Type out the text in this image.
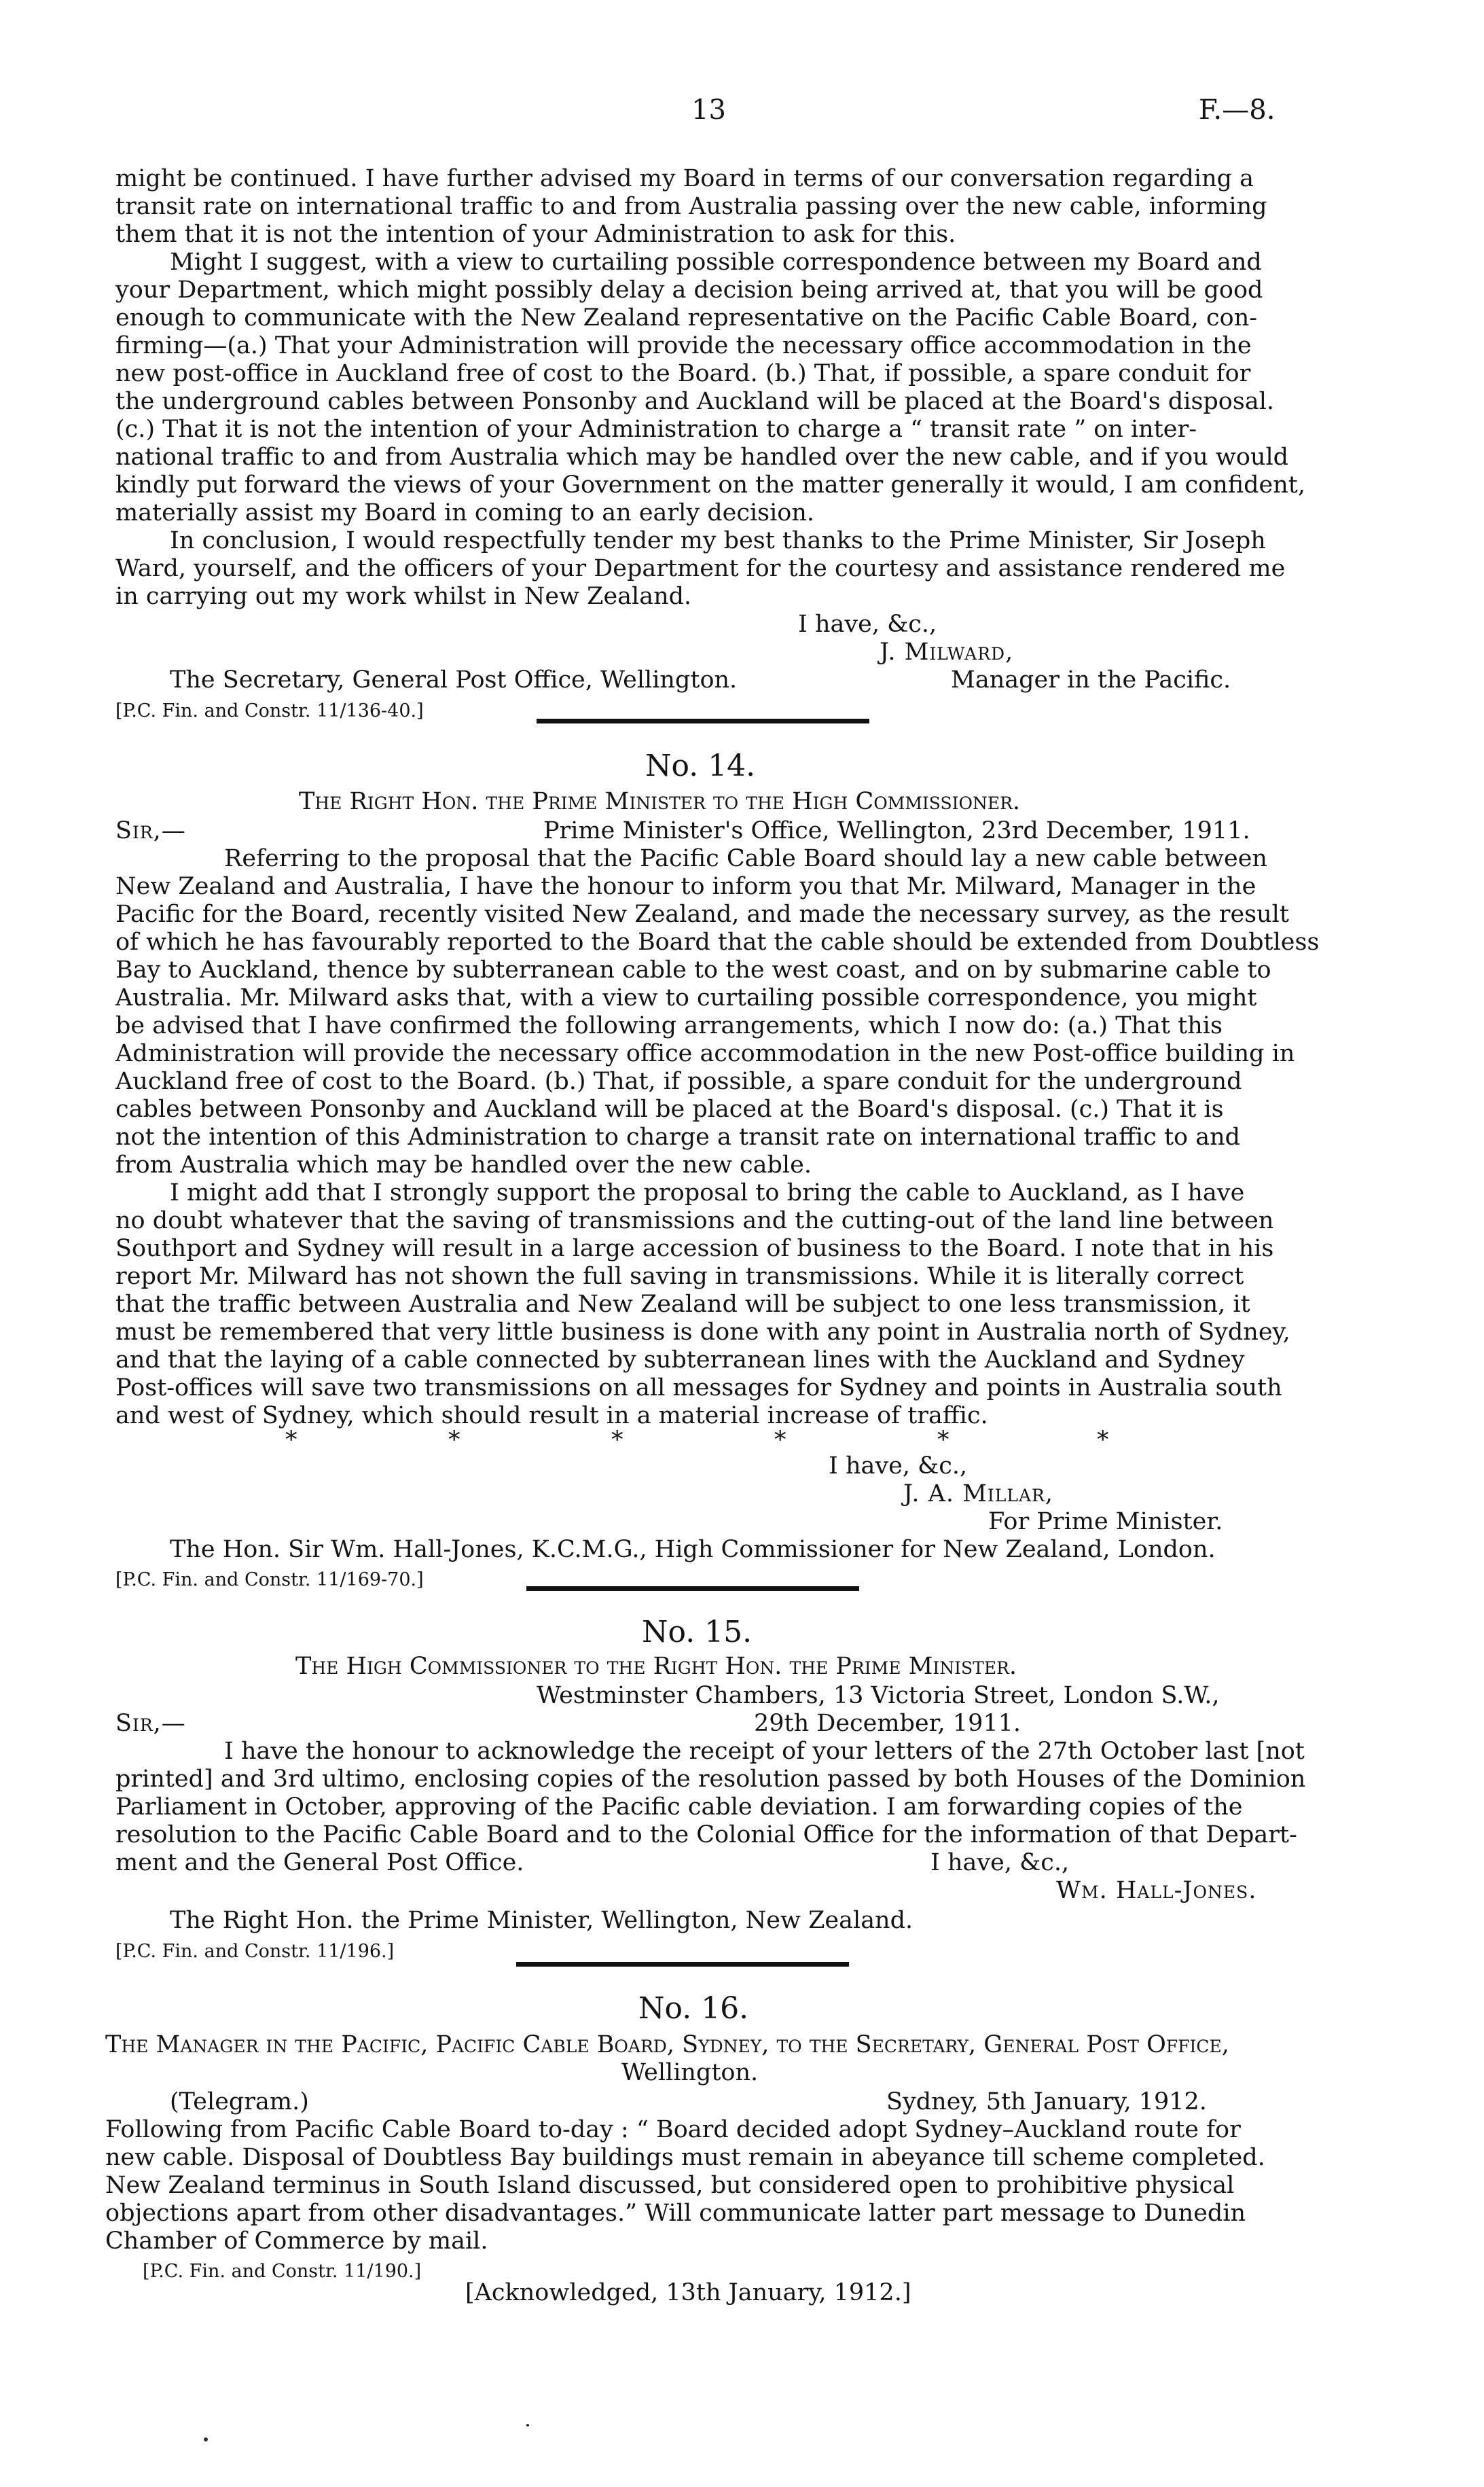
13	F.—8.

might be continued. I have further advised my Board in terms of our conversation regarding a

transit rate on international traffic to and from Australia passing over the new cable, informing

them that it is not the intention of your Administration to ask for this.

Might I suggest, with a view to curtailing possible correspondence between my Board and

your Department, which might possibly delay a decision being arrived at, that you will be good

enough to communicate with the New Zealand representative on the Pacific Cable Board, con-

firming—(a.) That your Administration will provide the necessary office accommodation in the

new post-office in Auckland free of cost to the Board. (b.) That, if possible, a spare conduit for

the underground cables between Ponsonby and Auckland will be placed at the Board's disposal.

(c.) That it is not the intention of your Administration to charge a “ transit rate ” on inter-

national traffic to and from Australia which may be handled over the new cable, and if you would

kindly put forward the views of your Government on the matter generally it would, I am confident,

materially assist my Board in coming to an early decision.

In conclusion, I would respectfully tender my best thanks to the Prime Minister, Sir Joseph

Ward, yourself, and the officers of your Department for the courtesy and assistance rendered me

in carrying out my work whilst in New Zealand.

I have, &c.,

J. Milward,

The Secretary, General Post Office, Wellington.	Manager in the Pacific.

[P.C. Fin. and Constr. 11/136-40.]

No. 14.

The Right Hon. the Prime Minister to the High Commissioner.

Sir,—	Prime Minister's Office, Wellington, 23rd December, 1911.

Referring to the proposal that the Pacific Cable Board should lay a new cable between

New Zealand and Australia, I have the honour to inform you that Mr. Milward, Manager in the

Pacific for the Board, recently visited New Zealand, and made the necessary survey, as the result

of which he has favourably reported to the Board that the cable should be extended from Doubtless

Bay to Auckland, thence by subterranean cable to the west coast, and on by submarine cable to

Australia. Mr. Milward asks that, with a view to curtailing possible correspondence, you might

be advised that I have confirmed the following arrangements, which I now do: (a.) That this

Administration will provide the necessary office accommodation in the new Post-office building in

Auckland free of cost to the Board. (b.) That, if possible, a spare conduit for the underground

cables between Ponsonby and Auckland will be placed at the Board's disposal. (c.) That it is

not the intention of this Administration to charge a transit rate on international traffic to and

from Australia which may be handled over the new cable.

I might add that I strongly support the proposal to bring the cable to Auckland, as I have

no doubt whatever that the saving of transmissions and the cutting-out of the land line between

Southport and Sydney will result in a large accession of business to the Board. I note that in his

report Mr. Milward has not shown the full saving in transmissions. While it is literally correct

that the traffic between Australia and New Zealand will be subject to one less transmission, it

must be remembered that very little business is done with any point in Australia north of Sydney,

and that the laying of a cable connected by subterranean lines with the Auckland and Sydney

Post-offices will save two transmissions on all messages for Sydney and points in Australia south

and west of Sydney, which should result in a material increase of traffic.

*	*	*	*	*	*

I have, &c.,

J. A. Millar,

For Prime Minister.

The Hon. Sir Wm. Hall-Jones, K.C.M.G., High Commissioner for New Zealand, London.

[P.C. Fin. and Constr. 11/169-70.]

No. 15.

The High Commissioner to the Right Hon. the Prime Minister.

Westminster Chambers, 13 Victoria Street, London S.W.,

Sir,—	29th December, 1911.

I have the honour to acknowledge the receipt of your letters of the 27th October last [not

printed] and 3rd ultimo, enclosing copies of the resolution passed by both Houses of the Dominion

Parliament in October, approving of the Pacific cable deviation. I am forwarding copies of the

resolution to the Pacific Cable Board and to the Colonial Office for the information of that Depart-

ment and the General Post Office.	I have, &c.,

Wm. Hall-Jones.

The Right Hon. the Prime Minister, Wellington, New Zealand.

[P.C. Fin. and Constr. 11/196.]

No. 16.

The Manager in the Pacific, Pacific Cable Board, Sydney, to the Secretary, General Post Office,

Wellington.

(Telegram.)	Sydney, 5th January, 1912.

Following from Pacific Cable Board to-day : “ Board decided adopt Sydney–Auckland route for

new cable. Disposal of Doubtless Bay buildings must remain in abeyance till scheme completed.

New Zealand terminus in South Island discussed, but considered open to prohibitive physical

objections apart from other disadvantages.” Will communicate latter part message to Dunedin

Chamber of Commerce by mail.

[P.C. Fin. and Constr. 11/190.]

[Acknowledged, 13th January, 1912.]
